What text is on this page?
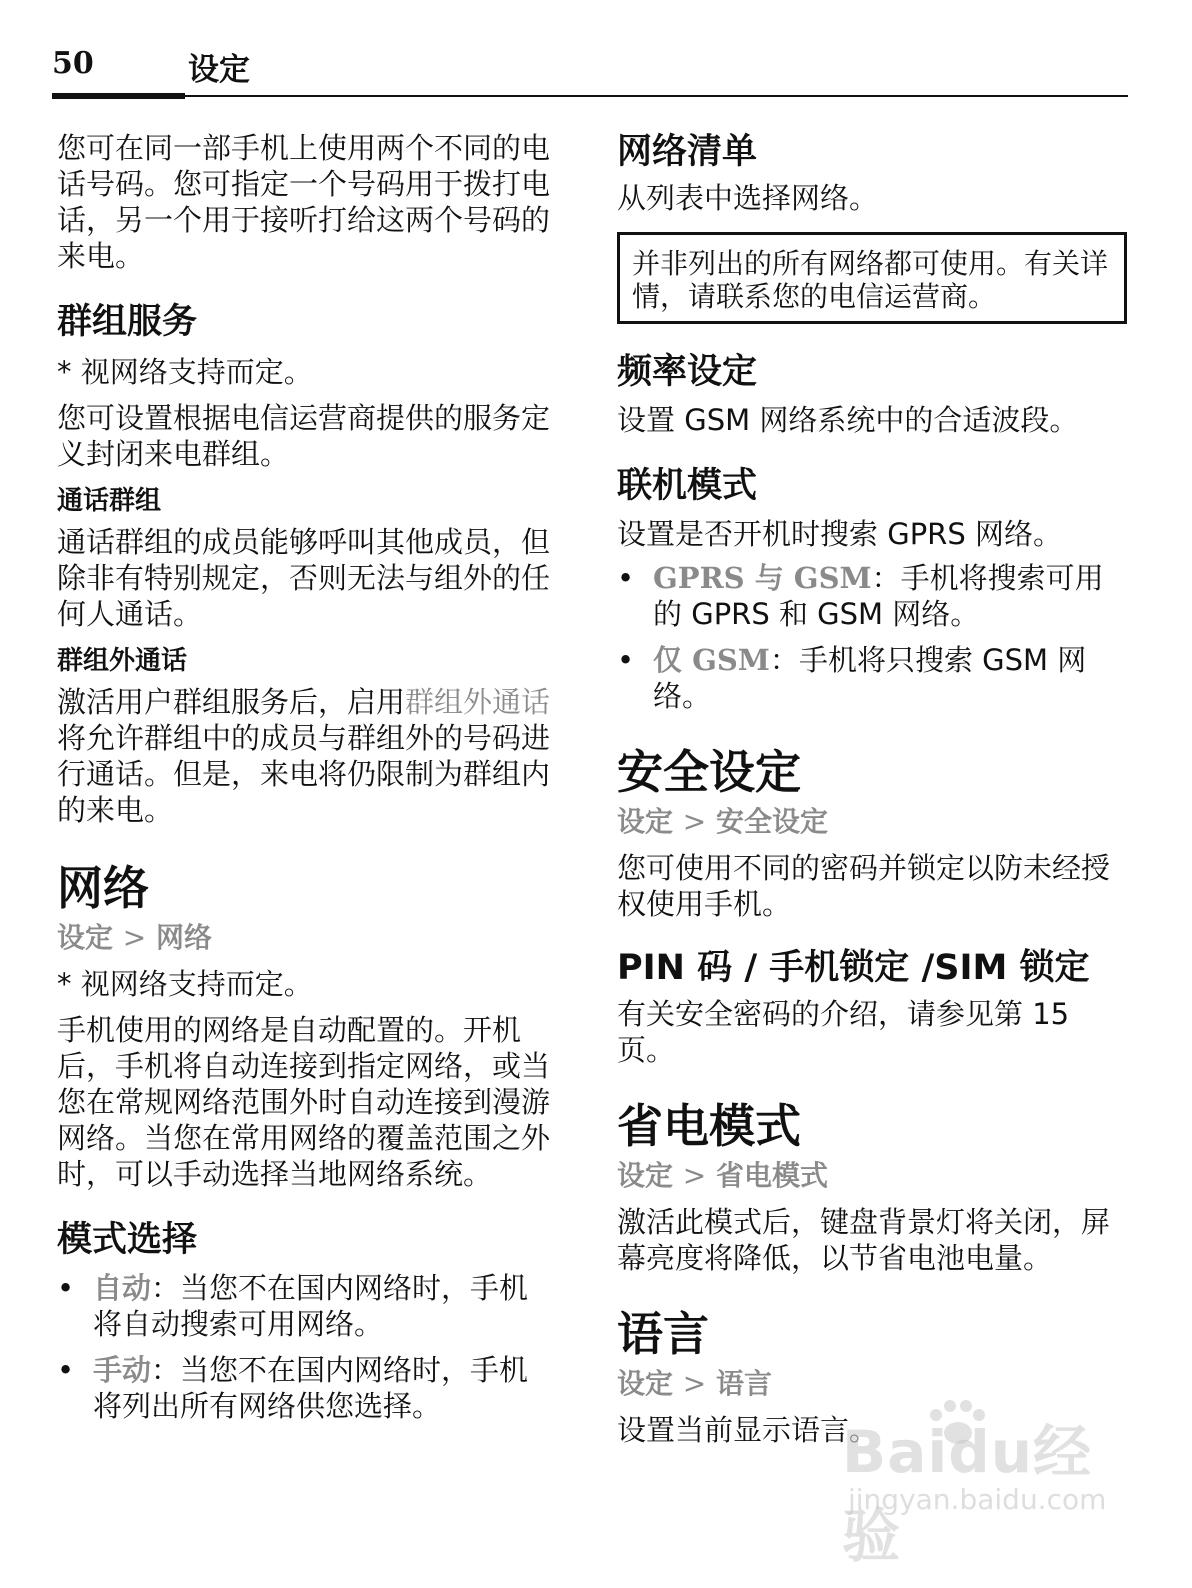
50	设定

您可在同一部手机上使用两个不同的电话号码。您可指定一个号码用于拨打电话，另一个用于接听打给这两个号码的来电。

群组服务

* 视网络支持而定。

您可设置根据电信运营商提供的服务定义封闭来电群组。

通话群组

通话群组的成员能够呼叫其他成员，但除非有特别规定，否则无法与组外的任何人通话。

群组外通话

激活用户群组服务后，启用群组外通话将允许群组中的成员与群组外的号码进行通话。但是，来电将仍限制为群组内的来电。

网络
设定 > 网络

* 视网络支持而定。

手机使用的网络是自动配置的。开机后，手机将自动连接到指定网络，或当您在常规网络范围外时自动连接到漫游网络。当您在常用网络的覆盖范围之外时，可以手动选择当地网络系统。

模式选择
• 自动：当您不在国内网络时，手机将自动搜索可用网络。
• 手动：当您不在国内网络时，手机将列出所有网络供您选择。
网络清单

从列表中选择网络。

并非列出的所有网络都可使用。有关详情，请联系您的电信运营商。

频率设定

设置 GSM 网络系统中的合适波段。

联机模式

设置是否开机时搜索 GPRS 网络。

• GPRS 与 GSM：手机将搜索可用的 GPRS 和 GSM 网络。
• 仅 GSM：手机将只搜索 GSM 网络。
安全设定
设定 > 安全设定

您可使用不同的密码并锁定以防未经授权使用手机。

PIN 码 / 手机锁定 /SIM 锁定

有关安全密码的介绍，请参见第 15 页。

省电模式
设定 > 省电模式

激活此模式后，键盘背景灯将关闭，屏幕亮度将降低，以节省电池电量。

语言
设定 > 语言

设置当前显示语言。

Baidu经验
jingyan.baidu.com
